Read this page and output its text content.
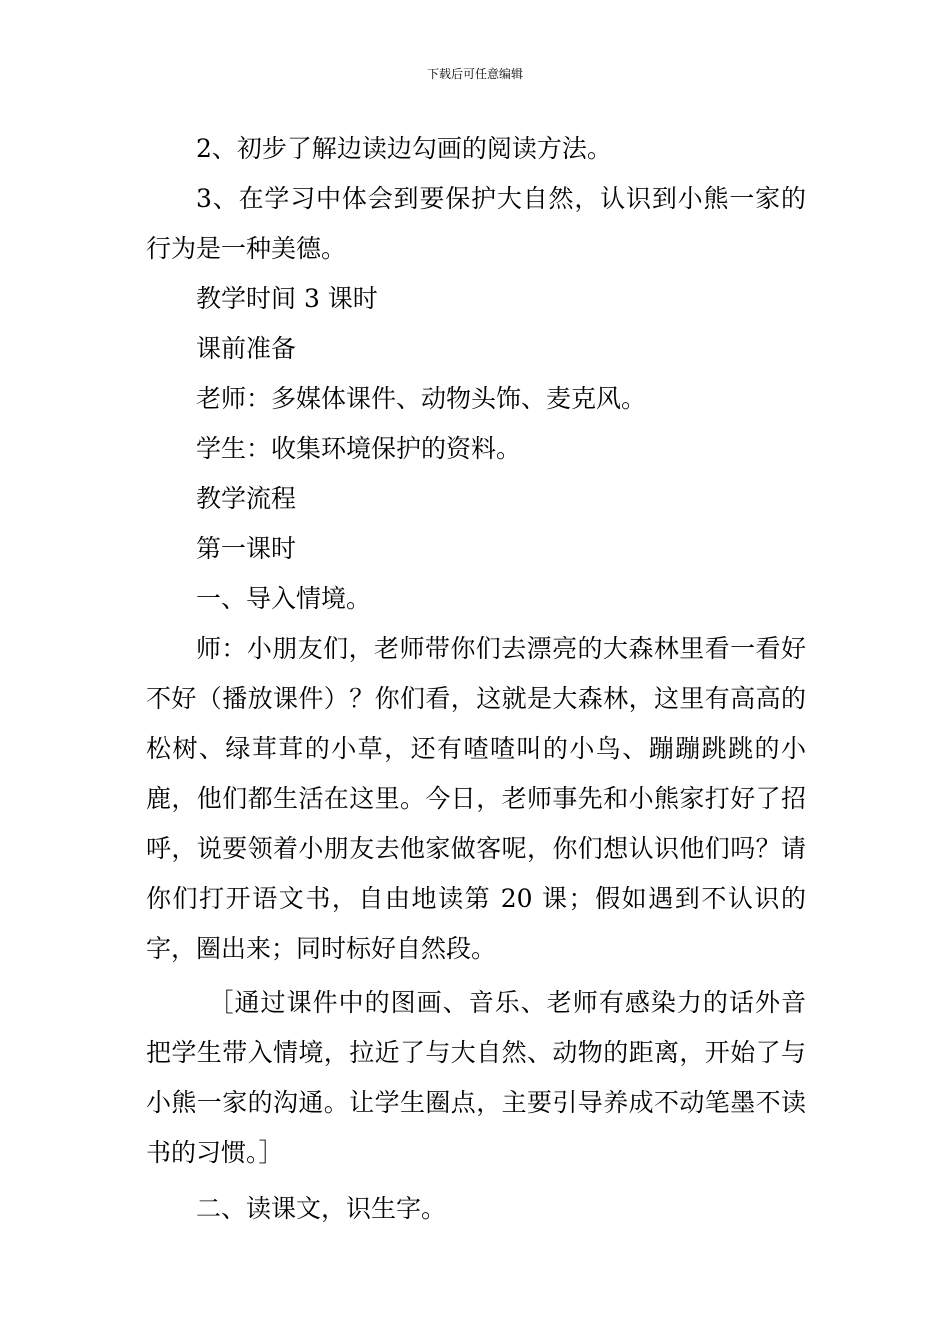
下载后可任意编辑

2、初步了解边读边勾画的阅读方法。

3、在学习中体会到要保护大自然，认识到小熊一家的行为是一种美德。

教学时间 3 课时

课前准备

老师：多媒体课件、动物头饰、麦克风。

学生：收集环境保护的资料。

教学流程

第一课时

一、导入情境。

师：小朋友们，老师带你们去漂亮的大森林里看一看好不好（播放课件）？你们看，这就是大森林，这里有高高的松树、绿茸茸的小草，还有喳喳叫的小鸟、蹦蹦跳跳的小鹿，他们都生活在这里。今日，老师事先和小熊家打好了招呼，说要领着小朋友去他家做客呢，你们想认识他们吗？请你们打开语文书，自由地读第 20 课；假如遇到不认识的字，圈出来；同时标好自然段。

［通过课件中的图画、音乐、老师有感染力的话外音把学生带入情境，拉近了与大自然、动物的距离，开始了与小熊一家的沟通。让学生圈点，主要引导养成不动笔墨不读书的习惯。］

二、读课文，识生字。
